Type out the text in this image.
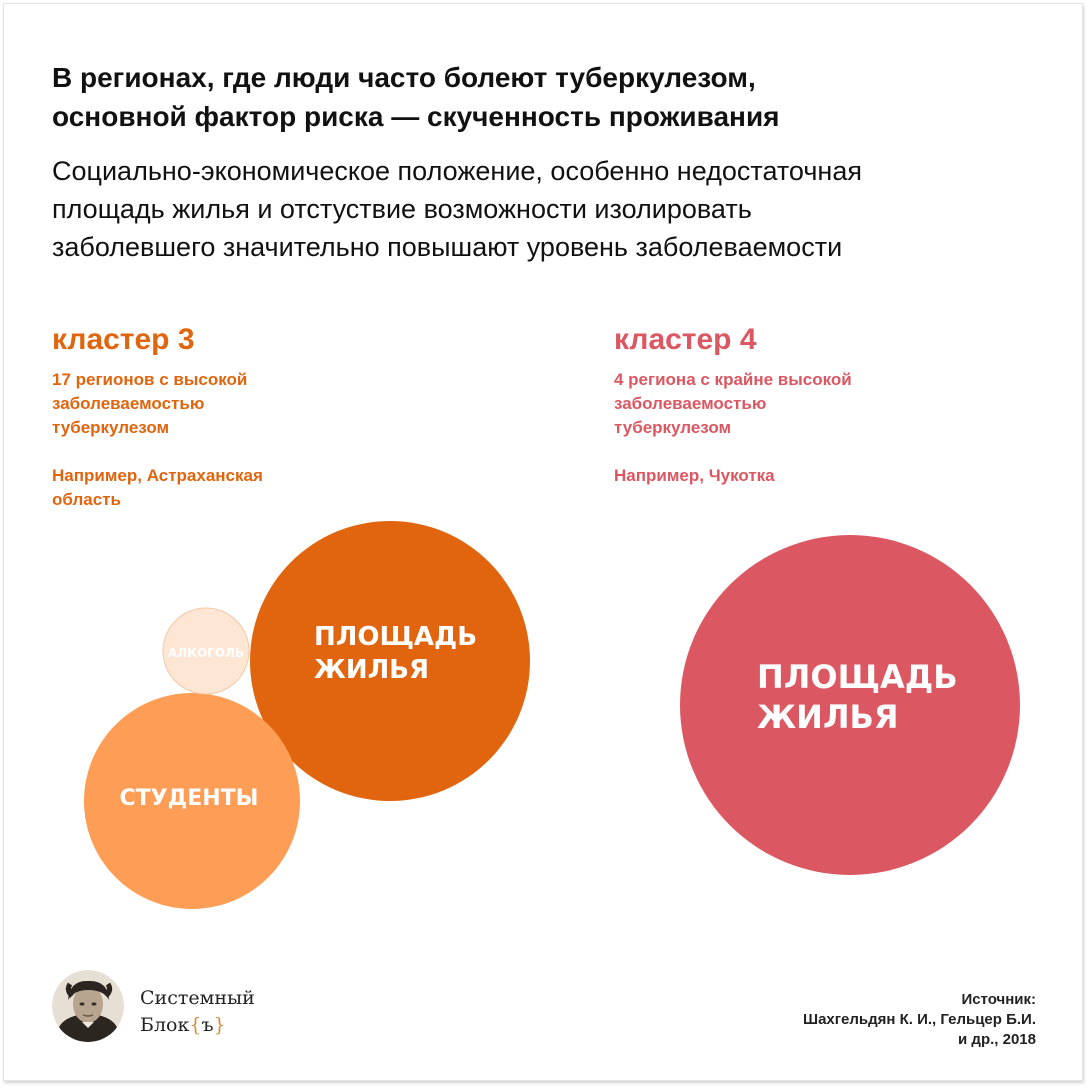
В регионах, где люди часто болеют туберкулезом,
основной фактор риска — скученность проживания
Социально-экономическое положение, особенно недостаточная
площадь жилья и отстуствие возможности изолировать
заболевшего значительно повышают уровень заболеваемости
кластер 3
17 регионов с высокой
заболеваемостью
туберкулезом
Например, Астраханская
область
кластер 4
4 региона с крайне высокой
заболеваемостью
туберкулезом
Например, Чукотка
ПЛОЩАДЬ
ЖИЛЬЯ
СТУДЕНТЫ
АЛКОГОЛЬ
ПЛОЩАДЬ
ЖИЛЬЯ
Системный
Блок{ъ}
Источник:
Шахгельдян К. И., Гельцер Б.И.
и др., 2018
